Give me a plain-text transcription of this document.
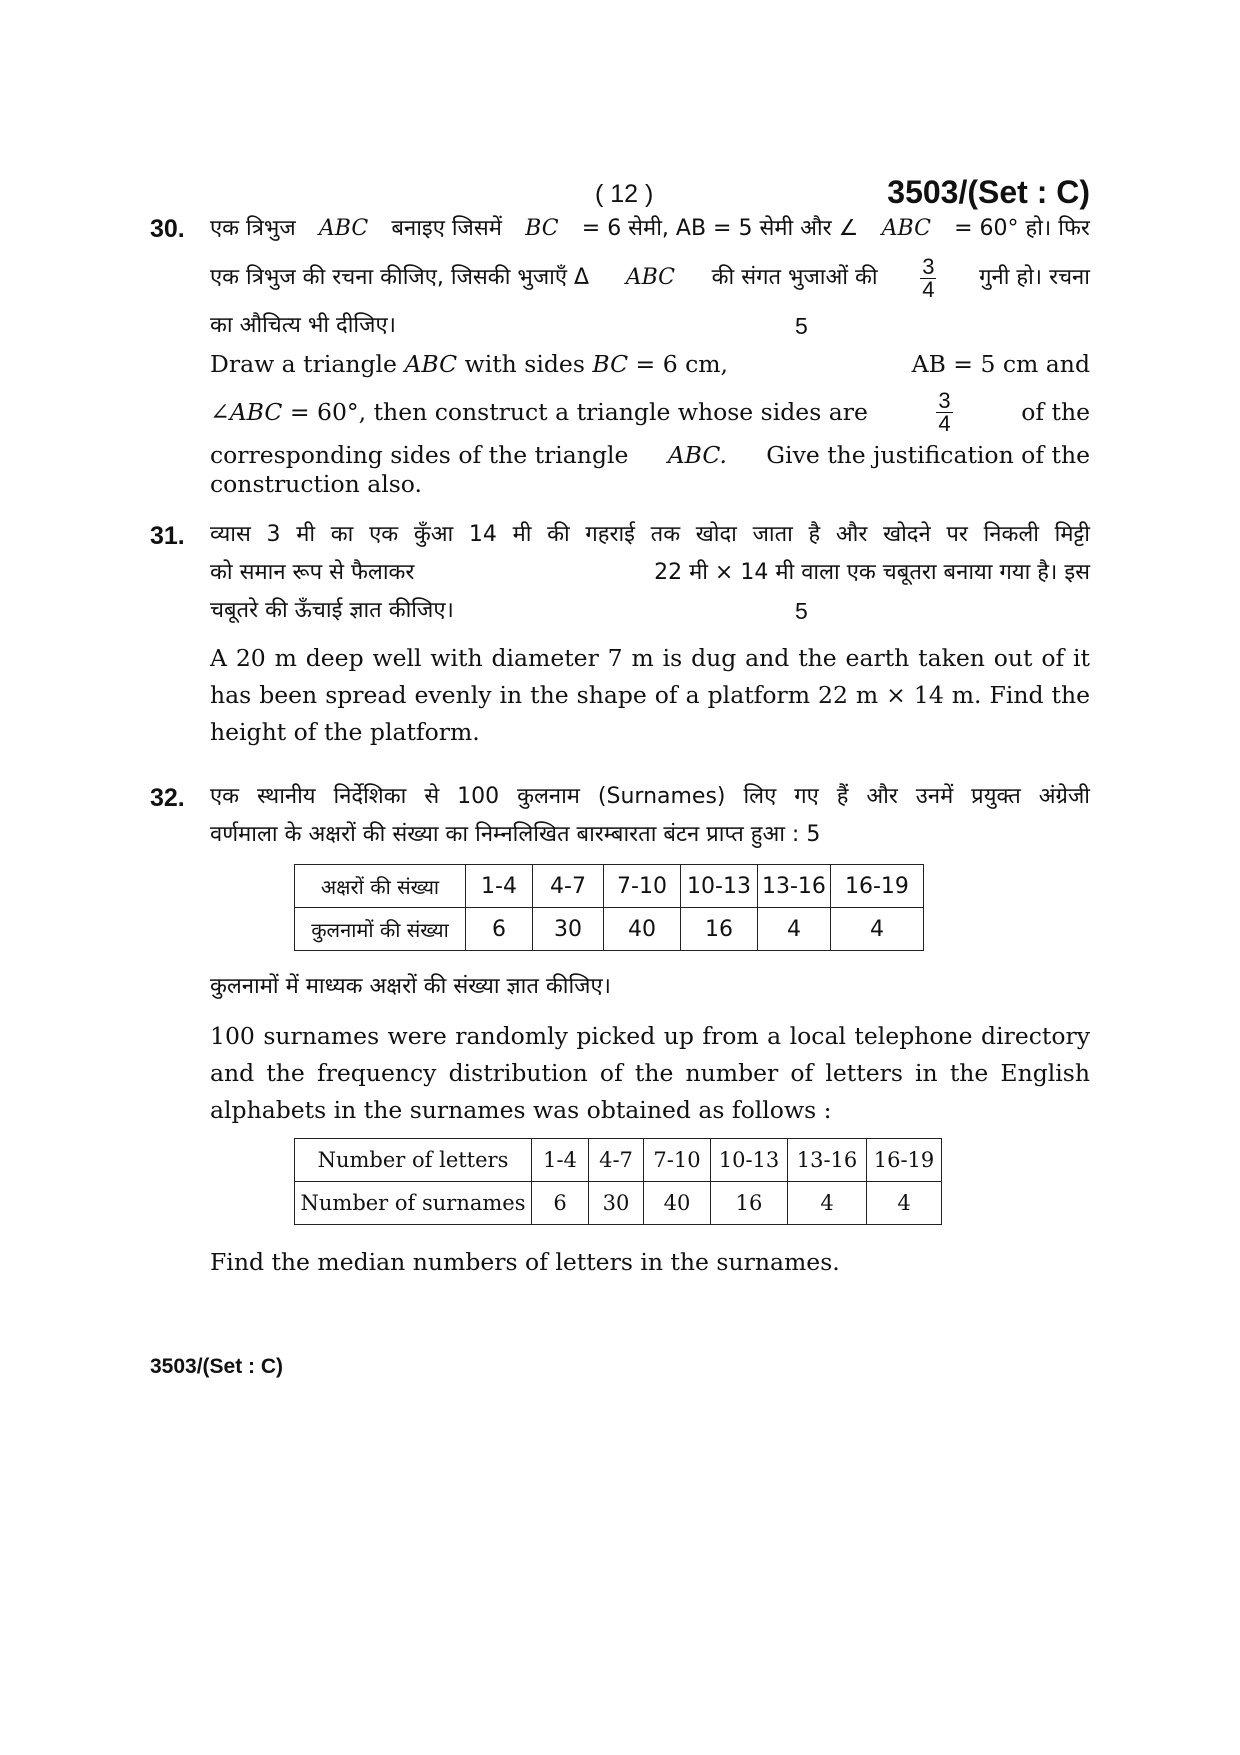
( 12 )	3503/(Set : C)
30. एक त्रिभुज ABC बनाइए जिसमें BC = 6 सेमी, AB = 5 सेमी और ∠ ABC = 60° हो। फिर
एक त्रिभुज की रचना कीजिए, जिसकी भुजाएँ Δ ABC की संगत भुजाओं की $\frac{3}{4}$ गुनी हो। रचना
का औचित्य भी दीजिए।	5
Draw a triangle ABC with sides BC = 6 cm,	AB = 5 cm and
∠ABC = 60°, then construct a triangle whose sides are	$\frac{3}{4}$	of the
corresponding sides of the triangle ABC. Give the justification of the
construction also.
31. व्यास 3 मी का एक कुँआ 14 मी की गहराई तक खोदा जाता है और खोदने पर निकली मिट्टी
को समान रूप से फैलाकर	22 मी × 14 मी वाला एक चबूतरा बनाया गया है। इस
चबूतरे की ऊँचाई ज्ञात कीजिए।	5
A 20 m deep well with diameter 7 m is dug and the earth taken out of it has been spread evenly in the shape of a platform 22 m × 14 m. Find the height of the platform.
32. एक स्थानीय निर्देशिका से 100 कुलनाम (Surnames) लिए गए हैं और उनमें प्रयुक्त अंग्रेजी
वर्णमाला के अक्षरों की संख्या का निम्नलिखित बारम्बारता बंटन प्राप्त हुआ : 5
अक्षरों की संख्या	1-4	4-7	7-10	10-13	13-16	16-19
कुलनामों की संख्या	6	30	40	16	4	4
कुलनामों में माध्यक अक्षरों की संख्या ज्ञात कीजिए।
100 surnames were randomly picked up from a local telephone directory and the frequency distribution of the number of letters in the English alphabets in the surnames was obtained as follows :
Number of letters	1-4	4-7	7-10	10-13	13-16	16-19
Number of surnames	6	30	40	16	4	4
Find the median numbers of letters in the surnames.
3503/(Set : C)
